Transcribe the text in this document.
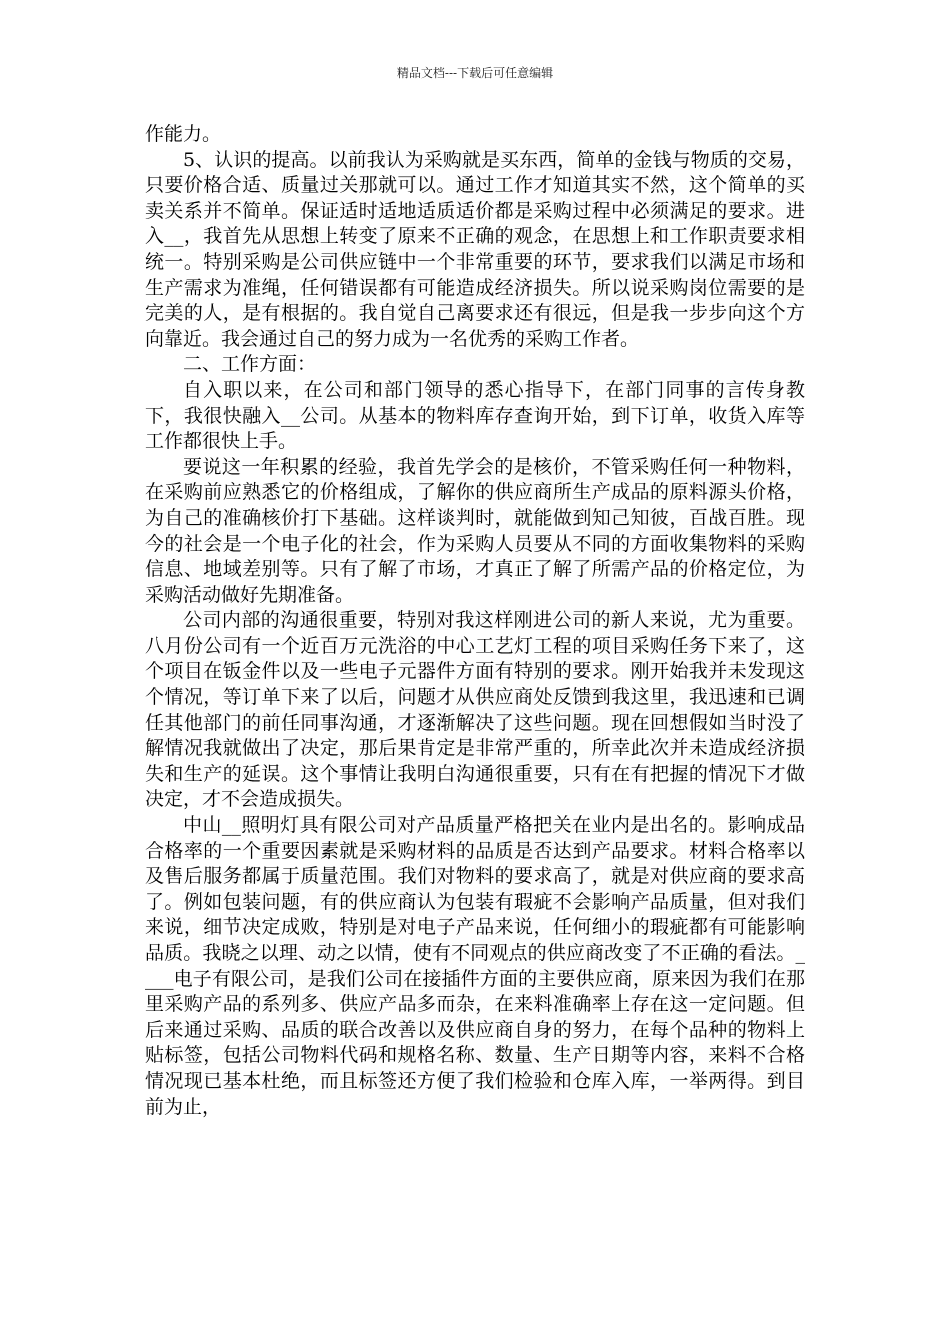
精品文档---下载后可任意编辑

作能力。

5、认识的提高。以前我认为采购就是买东西，简单的金钱与物质的交易，只要价格合适、质量过关那就可以。通过工作才知道其实不然，这个简单的买卖关系并不简单。保证适时适地适质适价都是采购过程中必须满足的要求。进入__，我首先从思想上转变了原来不正确的观念，在思想上和工作职责要求相统一。特别采购是公司供应链中一个非常重要的环节，要求我们以满足市场和生产需求为准绳，任何错误都有可能造成经济损失。所以说采购岗位需要的是完美的人，是有根据的。我自觉自己离要求还有很远，但是我一步步向这个方向靠近。我会通过自己的努力成为一名优秀的采购工作者。

二、工作方面：

自入职以来，在公司和部门领导的悉心指导下，在部门同事的言传身教下，我很快融入__公司。从基本的物料库存查询开始，到下订单，收货入库等工作都很快上手。

要说这一年积累的经验，我首先学会的是核价，不管采购任何一种物料，在采购前应熟悉它的价格组成，了解你的供应商所生产成品的原料源头价格，为自己的准确核价打下基础。这样谈判时，就能做到知己知彼，百战百胜。现今的社会是一个电子化的社会，作为采购人员要从不同的方面收集物料的采购信息、地域差别等。只有了解了市场，才真正了解了所需产品的价格定位，为采购活动做好先期准备。

公司内部的沟通很重要，特别对我这样刚进公司的新人来说，尤为重要。八月份公司有一个近百万元洗浴的中心工艺灯工程的项目采购任务下来了，这个项目在钣金件以及一些电子元器件方面有特别的要求。刚开始我并未发现这个情况，等订单下来了以后，问题才从供应商处反馈到我这里，我迅速和已调任其他部门的前任同事沟通，才逐渐解决了这些问题。现在回想假如当时没了解情况我就做出了决定，那后果肯定是非常严重的，所幸此次并未造成经济损失和生产的延误。这个事情让我明白沟通很重要，只有在有把握的情况下才做决定，才不会造成损失。

中山__照明灯具有限公司对产品质量严格把关在业内是出名的。影响成品合格率的一个重要因素就是采购材料的品质是否达到产品要求。材料合格率以及售后服务都属于质量范围。我们对物料的要求高了，就是对供应商的要求高了。例如包装问题，有的供应商认为包装有瑕疵不会影响产品质量，但对我们来说，细节决定成败，特别是对电子产品来说，任何细小的瑕疵都有可能影响品质。我晓之以理、动之以情，使有不同观点的供应商改变了不正确的看法。____电子有限公司，是我们公司在接插件方面的主要供应商，原来因为我们在那里采购产品的系列多、供应产品多而杂，在来料准确率上存在这一定问题。但后来通过采购、品质的联合改善以及供应商自身的努力，在每个品种的物料上贴标签，包括公司物料代码和规格名称、数量、生产日期等内容，来料不合格情况现已基本杜绝，而且标签还方便了我们检验和仓库入库，一举两得。到目前为止，
